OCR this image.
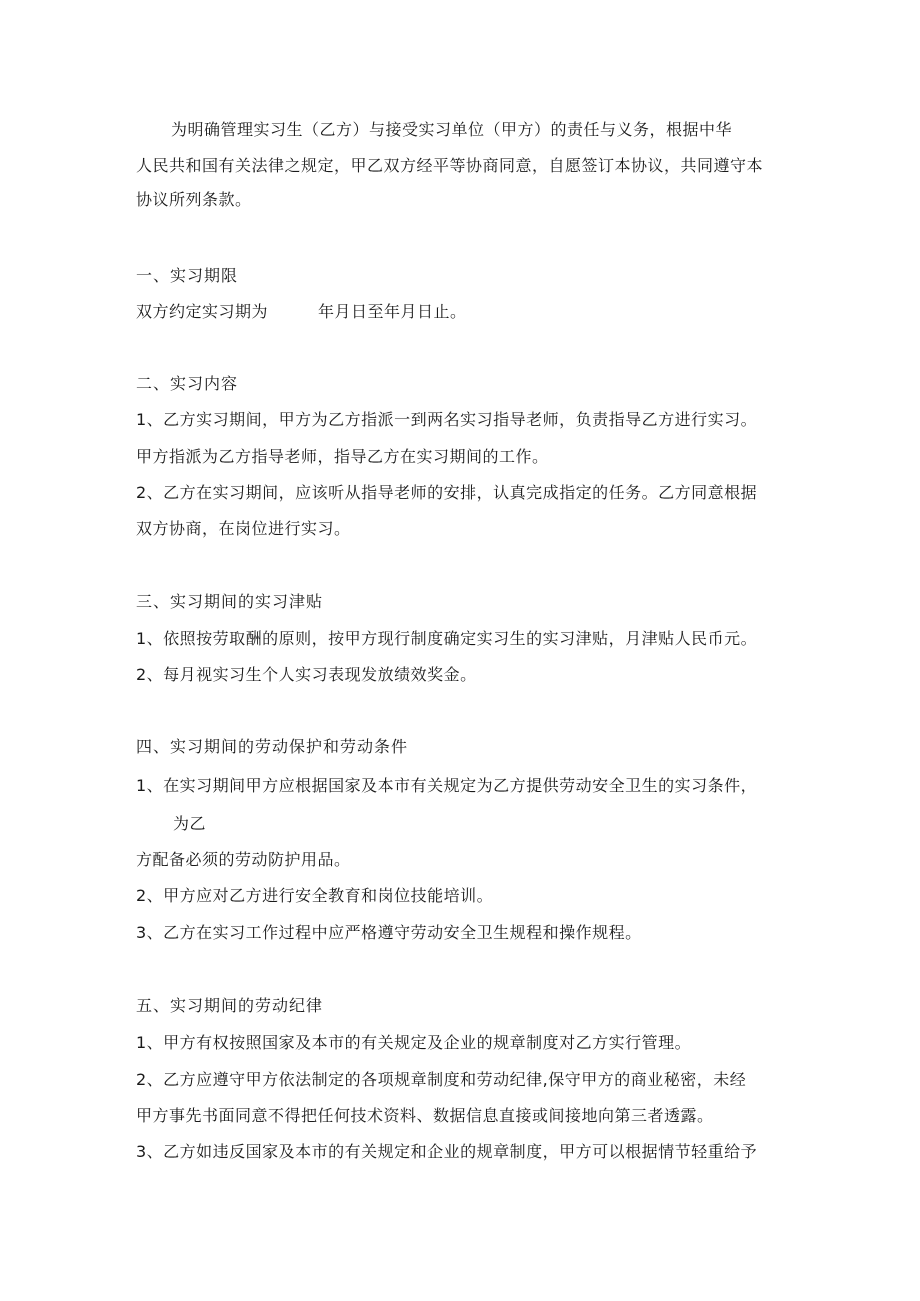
为明确管理实习生（乙方）与接受实习单位（甲方）的责任与义务，根据中华
人民共和国有关法律之规定，甲乙双方经平等协商同意，自愿签订本协议，共同遵守本
协议所列条款。
一、实习期限
双方约定实习期为	年月日至年月日止。
二、实习内容
1、乙方实习期间，甲方为乙方指派一到两名实习指导老师，负责指导乙方进行实习。
甲方指派为乙方指导老师，指导乙方在实习期间的工作。
2、乙方在实习期间，应该听从指导老师的安排，认真完成指定的任务。乙方同意根据
双方协商，在岗位进行实习。
三、实习期间的实习津贴
1、依照按劳取酬的原则，按甲方现行制度确定实习生的实习津贴，月津贴人民币元。
2、每月视实习生个人实习表现发放绩效奖金。
四、实习期间的劳动保护和劳动条件
1、在实习期间甲方应根据国家及本市有关规定为乙方提供劳动安全卫生的实习条件，
为乙
方配备必须的劳动防护用品。
2、甲方应对乙方进行安全教育和岗位技能培训。
3、乙方在实习工作过程中应严格遵守劳动安全卫生规程和操作规程。
五、实习期间的劳动纪律
1、甲方有权按照国家及本市的有关规定及企业的规章制度对乙方实行管理。
2、乙方应遵守甲方依法制定的各项规章制度和劳动纪律,保守甲方的商业秘密，未经
甲方事先书面同意不得把任何技术资料、数据信息直接或间接地向第三者透露。
3、乙方如违反国家及本市的有关规定和企业的规章制度，甲方可以根据情节轻重给予
